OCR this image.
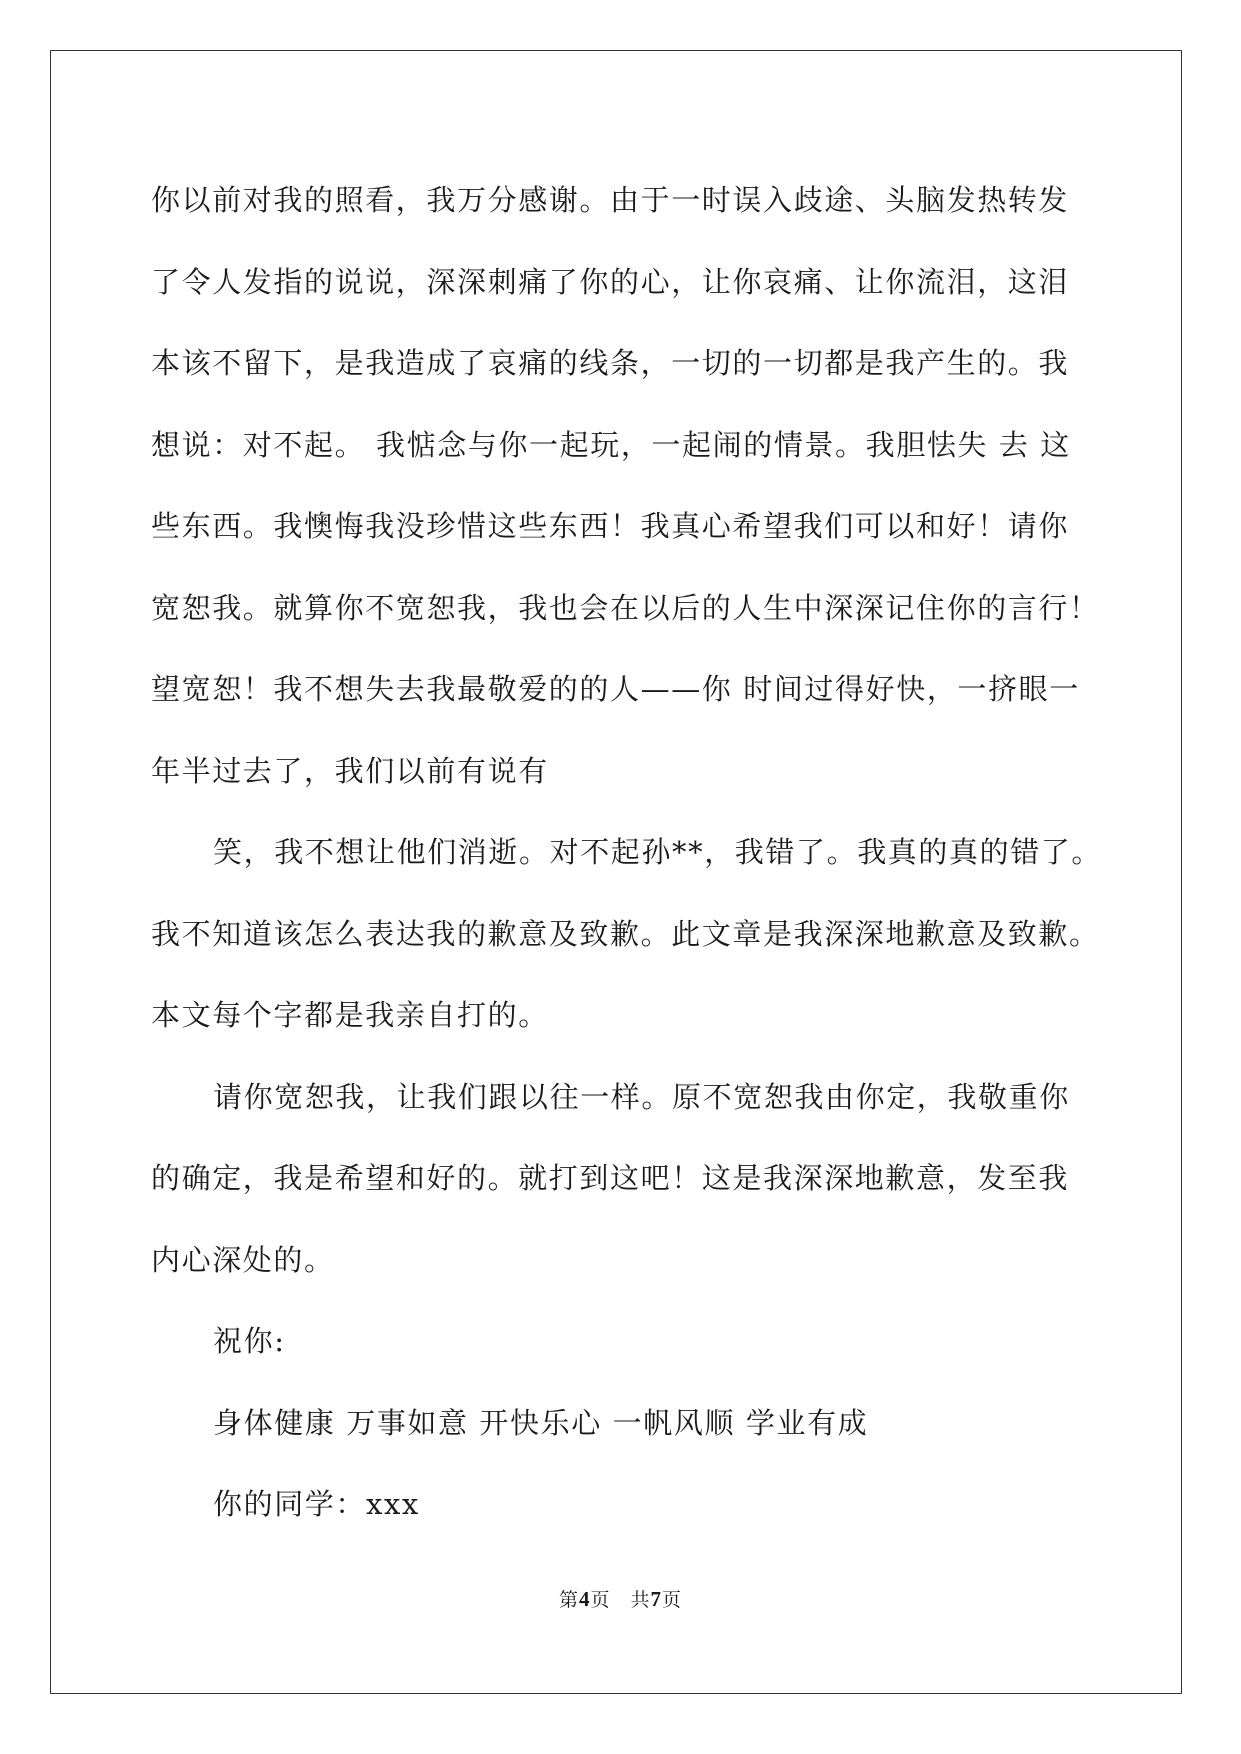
你以前对我的照看，我万分感谢。由于一时误入歧途、头脑发热转发
了令人发指的说说，深深刺痛了你的心，让你哀痛、让你流泪，这泪
本该不留下，是我造成了哀痛的线条，一切的一切都是我产生的。我
想说：对不起。 我惦念与你一起玩，一起闹的情景。我胆怯失 去 这
些东西。我懊悔我没珍惜这些东西！我真心希望我们可以和好！请你
宽恕我。就算你不宽恕我，我也会在以后的人生中深深记住你的言行！
望宽恕！我不想失去我最敬爱的的人——你 时间过得好快，一挤眼一
年半过去了，我们以前有说有

笑，我不想让他们消逝。对不起孙**，我错了。我真的真的错了。
我不知道该怎么表达我的歉意及致歉。此文章是我深深地歉意及致歉。
本文每个字都是我亲自打的。

请你宽恕我，让我们跟以往一样。原不宽恕我由你定，我敬重你
的确定，我是希望和好的。就打到这吧！这是我深深地歉意，发至我
内心深处的。

祝你:

身体健康 万事如意 开快乐心 一帆风顺 学业有成

你的同学：xxx

第4页　共7页
